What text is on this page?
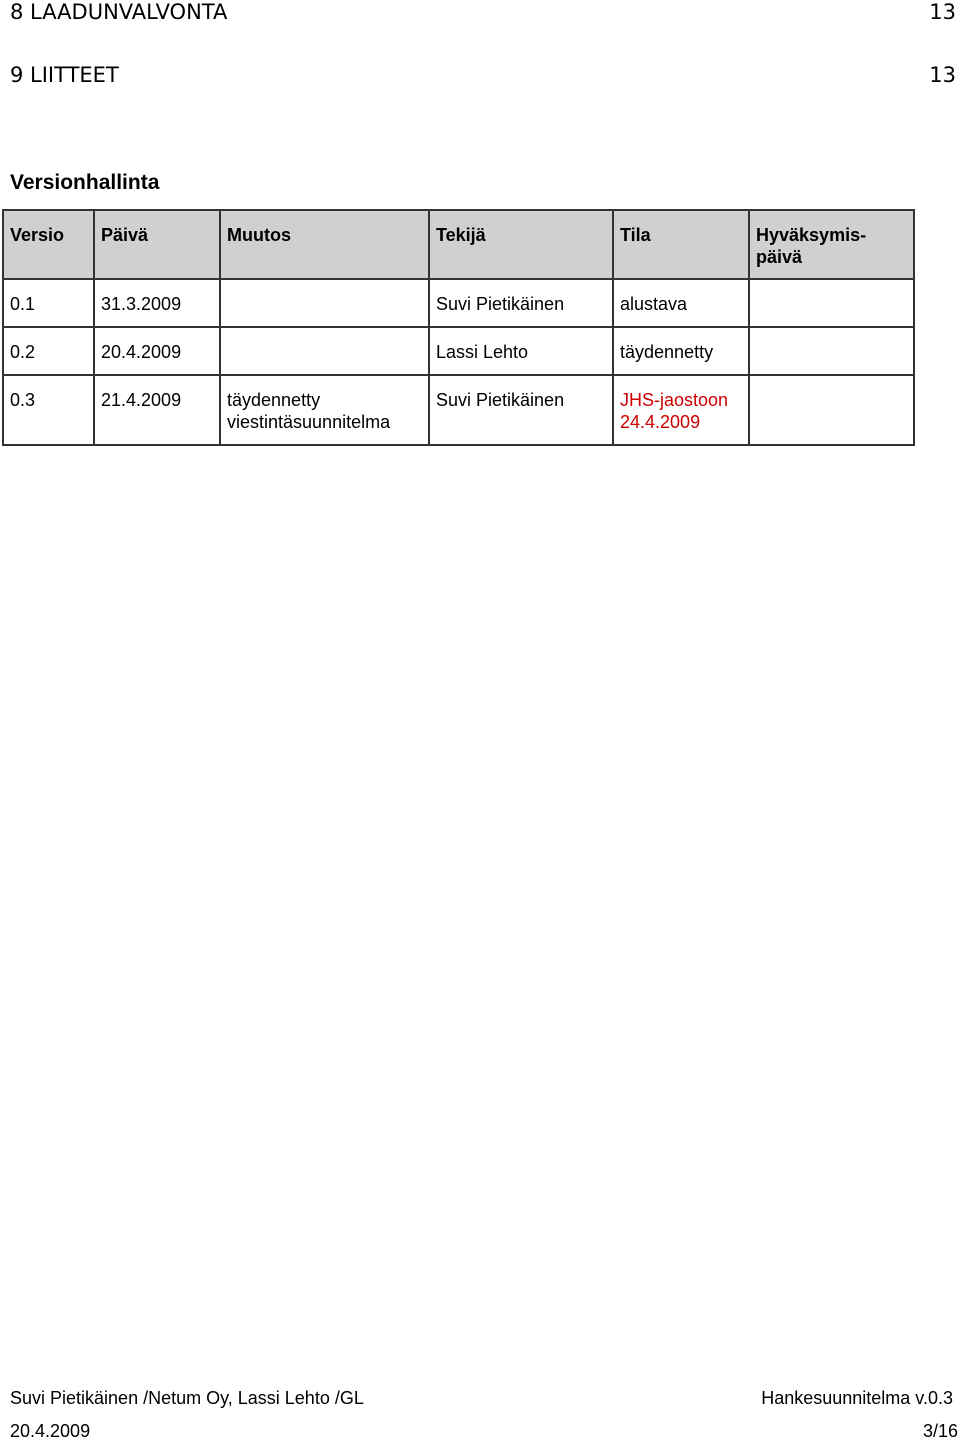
8 LAADUNVALVONTA	13
9 LIITTEET	13
Versionhallinta
Versio	Päivä	Muutos	Tekijä	Tila	Hyväksymis-päivä
0.1	31.3.2009		Suvi Pietikäinen	alustava	
0.2	20.4.2009		Lassi Lehto	täydennetty	
0.3	21.4.2009	täydennetty viestintäsuunnitelma	Suvi Pietikäinen	JHS-jaostoon 24.4.2009	
Suvi Pietikäinen /Netum Oy, Lassi Lehto /GL	Hankesuunnitelma v.0.3
20.4.2009	3/16
